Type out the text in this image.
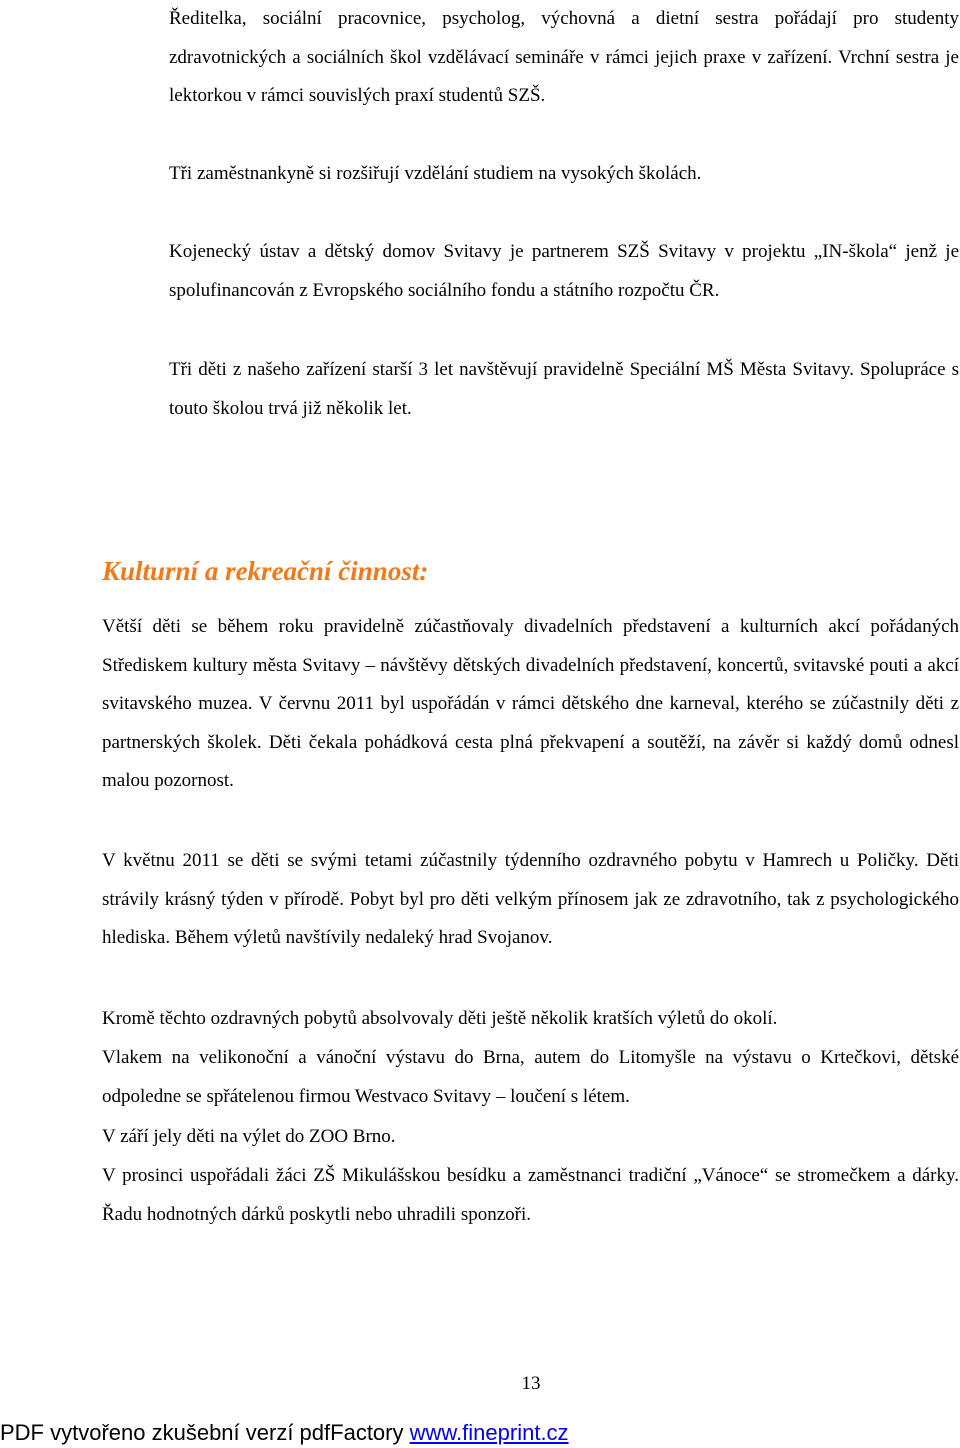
Ředitelka, sociální pracovnice, psycholog, výchovná a dietní sestra pořádají pro studenty zdravotnických a sociálních škol vzdělávací semináře v rámci jejich praxe v zařízení. Vrchní sestra je lektorkou v rámci souvislých praxí studentů SZŠ.

Tři zaměstnankyně si rozšiřují vzdělání studiem na vysokých školách.

Kojenecký ústav a dětský domov Svitavy je partnerem SZŠ Svitavy v projektu „IN-škola“ jenž je spolufinancován z Evropského sociálního fondu a státního rozpočtu ČR.

Tři děti z našeho zařízení starší 3 let navštěvují pravidelně Speciální MŠ Města Svitavy. Spolupráce s touto školou trvá již několik let.

Kulturní a rekreační činnost:

Větší děti se během roku pravidelně zúčastňovaly divadelních představení a kulturních akcí pořádaných Střediskem kultury města Svitavy – návštěvy dětských divadelních představení, koncertů, svitavské pouti a akcí svitavského muzea. V červnu 2011 byl uspořádán v rámci dětského dne karneval, kterého se zúčastnily děti z partnerských školek. Děti čekala pohádková cesta plná překvapení a soutěží, na závěr si každý domů odnesl malou pozornost.

V květnu 2011 se děti se svými tetami zúčastnily týdenního ozdravného pobytu v Hamrech u Poličky. Děti strávily krásný týden v přírodě. Pobyt byl pro děti velkým přínosem jak ze zdravotního, tak z psychologického hlediska. Během výletů navštívily nedaleký hrad Svojanov.

Kromě těchto ozdravných pobytů absolvovaly děti ještě několik kratších výletů do okolí.

Vlakem na velikonoční a vánoční výstavu do Brna, autem do Litomyšle na výstavu o Krtečkovi, dětské odpoledne se spřátelenou firmou Westvaco Svitavy – loučení s létem.

V září jely děti na výlet do ZOO Brno.

V prosinci uspořádali žáci ZŠ Mikulášskou besídku a zaměstnanci tradiční „Vánoce“ se stromečkem a dárky. Řadu hodnotných dárků poskytli nebo uhradili sponzoři.

13
PDF vytvořeno zkušební verzí pdfFactory www.fineprint.cz
